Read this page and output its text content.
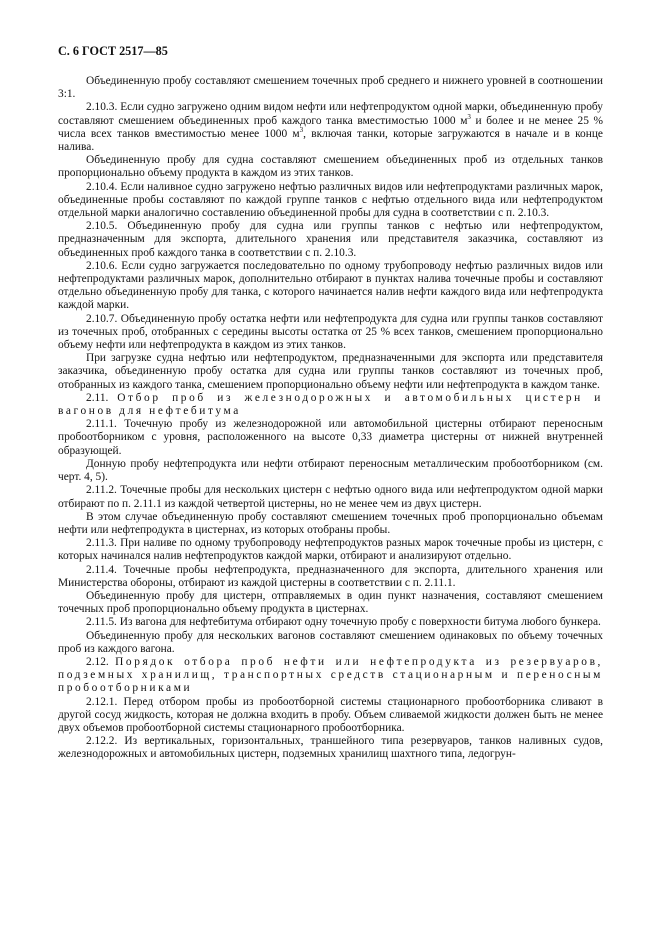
С. 6 ГОСТ 2517—85

Объединенную пробу составляют смешением точечных проб среднего и нижнего уровней в соотношении 3:1.

2.10.3. Если судно загружено одним видом нефти или нефтепродуктом одной марки, объединенную пробу составляют смешением объединенных проб каждого танка вместимостью 1000 $м^3$ и более и не менее 25 % числа всех танков вместимостью менее 1000 $м^3$, включая танки, которые загружаются в начале и в конце налива.

Объединенную пробу для судна составляют смешением объединенных проб из отдельных танков пропорционально объему продукта в каждом из этих танков.

2.10.4. Если наливное судно загружено нефтью различных видов или нефтепродуктами различных марок, объединенные пробы составляют по каждой группе танков с нефтью отдельного вида или нефтепродуктом отдельной марки аналогично составлению объединенной пробы для судна в соответствии с п. 2.10.3.

2.10.5. Объединенную пробу для судна или группы танков с нефтью или нефтепродуктом, предназначенным для экспорта, длительного хранения или представителя заказчика, составляют из объединенных проб каждого танка в соответствии с п. 2.10.3.

2.10.6. Если судно загружается последовательно по одному трубопроводу нефтью различных видов или нефтепродуктами различных марок, дополнительно отбирают в пунктах налива точечные пробы и составляют отдельно объединенную пробу для танка, с которого начинается налив нефти каждого вида или нефтепродукта каждой марки.

2.10.7. Объединенную пробу остатка нефти или нефтепродукта для судна или группы танков составляют из точечных проб, отобранных с середины высоты остатка от 25 % всех танков, смешением пропорционально объему нефти или нефтепродукта в каждом из этих танков.

При загрузке судна нефтью или нефтепродуктом, предназначенными для экспорта или представителя заказчика, объединенную пробу остатка для судна или группы танков составляют из точечных проб, отобранных из каждого танка, смешением пропорционально объему нефти или нефтепродукта в каждом танке.

2.11. Отбор проб из железнодорожных и автомобильных цистерн и вагонов для нефтебитума

2.11.1. Точечную пробу из железнодорожной или автомобильной цистерны отбирают переносным пробоотборником с уровня, расположенного на высоте 0,33 диаметра цистерны от нижней внутренней образующей.

Донную пробу нефтепродукта или нефти отбирают переносным металлическим пробоотборником (см. черт. 4, 5).

2.11.2. Точечные пробы для нескольких цистерн с нефтью одного вида или нефтепродуктом одной марки отбирают по п. 2.11.1 из каждой четвертой цистерны, но не менее чем из двух цистерн.

В этом случае объединенную пробу составляют смешением точечных проб пропорционально объемам нефти или нефтепродукта в цистернах, из которых отобраны пробы.

2.11.3. При наливе по одному трубопроводу нефтепродуктов разных марок точечные пробы из цистерн, с которых начинался налив нефтепродуктов каждой марки, отбирают и анализируют отдельно.

2.11.4. Точечные пробы нефтепродукта, предназначенного для экспорта, длительного хранения или Министерства обороны, отбирают из каждой цистерны в соответствии с п. 2.11.1.

Объединенную пробу для цистерн, отправляемых в один пункт назначения, составляют смешением точечных проб пропорционально объему продукта в цистернах.

2.11.5. Из вагона для нефтебитума отбирают одну точечную пробу с поверхности битума любого бункера.

Объединенную пробу для нескольких вагонов составляют смешением одинаковых по объему точечных проб из каждого вагона.

2.12. Порядок отбора проб нефти или нефтепродукта из резервуаров, подземных хранилищ, транспортных средств стационарным и переносным пробоотборниками

2.12.1. Перед отбором пробы из пробоотборной системы стационарного пробоотборника сливают в другой сосуд жидкость, которая не должна входить в пробу. Объем сливаемой жидкости должен быть не менее двух объемов пробоотборной системы стационарного пробоотборника.

2.12.2. Из вертикальных, горизонтальных, траншейного типа резервуаров, танков наливных судов, железнодорожных и автомобильных цистерн, подземных хранилищ шахтного типа, ледогрун-
